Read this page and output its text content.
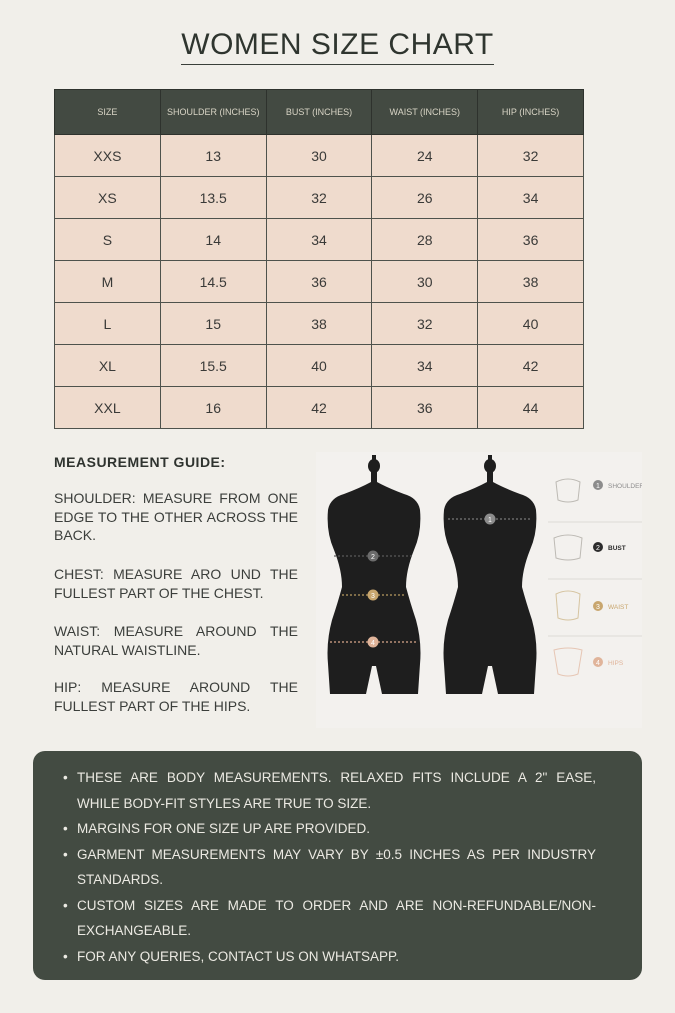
WOMEN SIZE CHART
SIZE	SHOULDER (INCHES)	BUST (INCHES)	WAIST (INCHES)	HIP (INCHES)
XXS	13	30	24	32
XS	13.5	32	26	34
S	14	34	28	36
M	14.5	36	30	38
L	15	38	32	40
XL	15.5	40	34	42
XXL	16	42	36	44
MEASUREMENT GUIDE:

SHOULDER: MEASURE FROM ONE EDGE TO THE OTHER ACROSS THE BACK.

CHEST: MEASURE ARO UND THE FULLEST PART OF THE CHEST.

WAIST: MEASURE AROUND THE NATURAL WAISTLINE.

HIP: MEASURE AROUND THE FULLEST PART OF THE HIPS.

2
3
4
1
1 SHOULDER
2 BUST
3 WAIST
4 HIPS
• THESE ARE BODY MEASUREMENTS. RELAXED FITS INCLUDE A 2" EASE, WHILE BODY-FIT STYLES ARE TRUE TO SIZE.
• MARGINS FOR ONE SIZE UP ARE PROVIDED.
• GARMENT MEASUREMENTS MAY VARY BY ±0.5 INCHES AS PER INDUSTRY STANDARDS.
• CUSTOM SIZES ARE MADE TO ORDER AND ARE NON-REFUNDABLE/NON-EXCHANGEABLE.
• FOR ANY QUERIES, CONTACT US ON WHATSAPP.
